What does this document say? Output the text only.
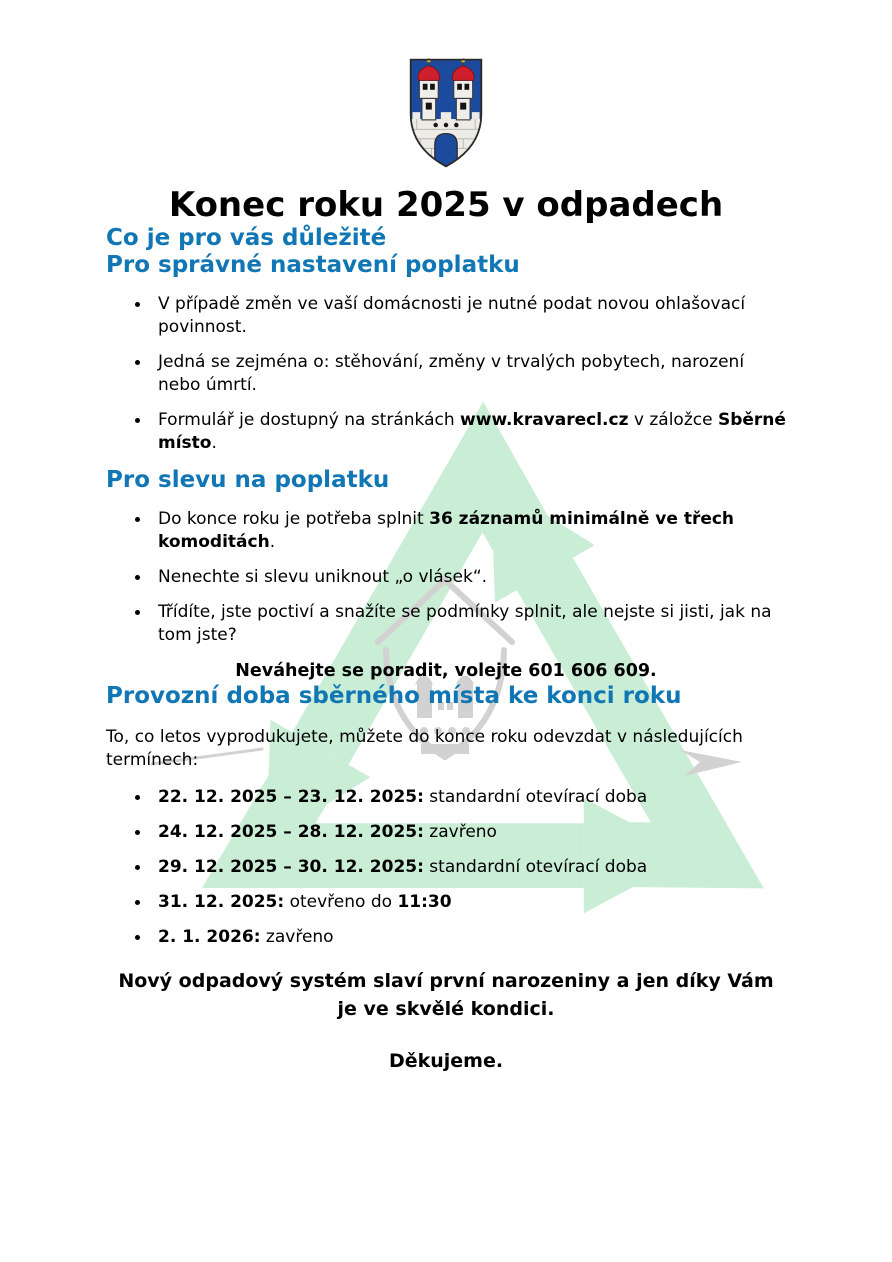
Konec roku 2025 v odpadech
Co je pro vás důležité
Pro správné nastavení poplatku
V případě změn ve vaší domácnosti je nutné podat novou ohlašovací povinnost.
Jedná se zejména o: stěhování, změny v trvalých pobytech, narození nebo úmrtí.
Formulář je dostupný na stránkách www.kravarecl.cz v záložce Sběrné místo.
Pro slevu na poplatku
Do konce roku je potřeba splnit 36 záznamů minimálně ve třech komoditách.
Nenechte si slevu uniknout „o vlásek“.
Třídíte, jste poctiví a snažíte se podmínky splnit, ale nejste si jisti, jak na tom jste?

Neváhejte se poradit, volejte 601 606 609.

Provozní doba sběrného místa ke konci roku

To, co letos vyprodukujete, můžete do konce roku odevzdat v následujících termínech:

22. 12. 2025 – 23. 12. 2025: standardní otevírací doba
24. 12. 2025 – 28. 12. 2025: zavřeno
29. 12. 2025 – 30. 12. 2025: standardní otevírací doba
31. 12. 2025: otevřeno do 11:30
2. 1. 2026: zavřeno

Nový odpadový systém slaví první narozeniny a jen díky Vám je ve skvělé kondici.

Děkujeme.
